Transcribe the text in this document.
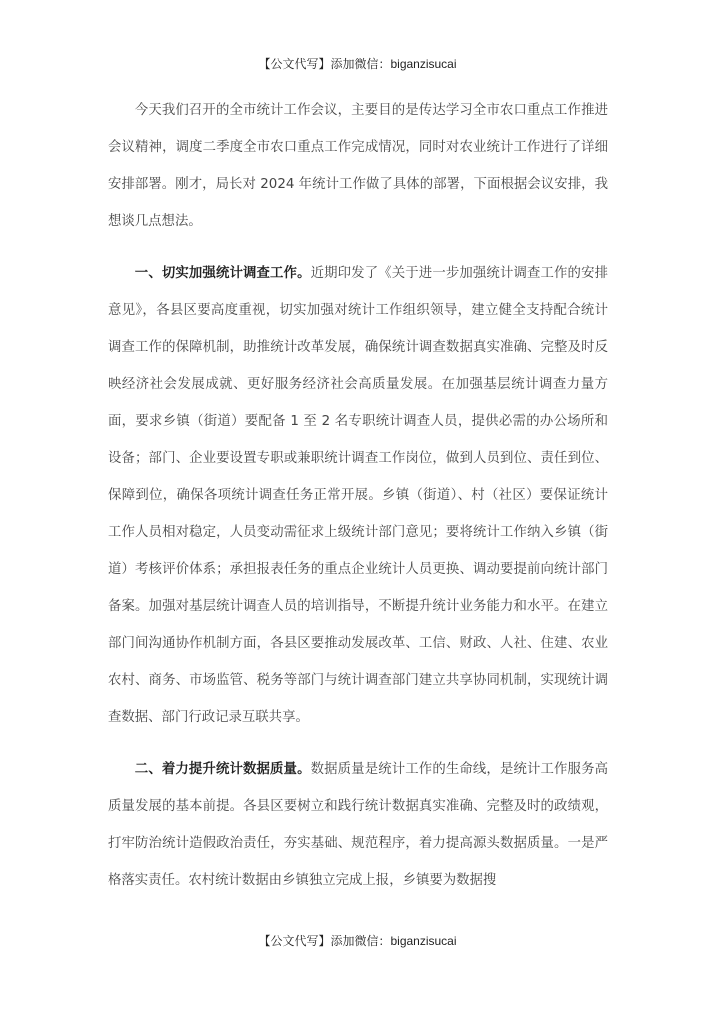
【公文代写】添加微信：biganzisucai

今天我们召开的全市统计工作会议，主要目的是传达学习全市农口重点工作推进会议精神，调度二季度全市农口重点工作完成情况，同时对农业统计工作进行了详细安排部署。刚才，局长对 2024 年统计工作做了具体的部署，下面根据会议安排，我想谈几点想法。

一、切实加强统计调查工作。近期印发了《关于进一步加强统计调查工作的安排意见》，各县区要高度重视，切实加强对统计工作组织领导，建立健全支持配合统计调查工作的保障机制，助推统计改革发展，确保统计调查数据真实准确、完整及时反映经济社会发展成就、更好服务经济社会高质量发展。在加强基层统计调查力量方面，要求乡镇（街道）要配备 1 至 2 名专职统计调查人员，提供必需的办公场所和设备；部门、企业要设置专职或兼职统计调查工作岗位，做到人员到位、责任到位、保障到位，确保各项统计调查任务正常开展。乡镇（街道）、村（社区）要保证统计工作人员相对稳定，人员变动需征求上级统计部门意见；要将统计工作纳入乡镇（街道）考核评价体系；承担报表任务的重点企业统计人员更换、调动要提前向统计部门备案。加强对基层统计调查人员的培训指导，不断提升统计业务能力和水平。在建立部门间沟通协作机制方面，各县区要推动发展改革、工信、财政、人社、住建、农业农村、商务、市场监管、税务等部门与统计调查部门建立共享协同机制，实现统计调查数据、部门行政记录互联共享。

二、着力提升统计数据质量。数据质量是统计工作的生命线，是统计工作服务高质量发展的基本前提。各县区要树立和践行统计数据真实准确、完整及时的政绩观，打牢防治统计造假政治责任，夯实基础、规范程序，着力提高源头数据质量。一是严格落实责任。农村统计数据由乡镇独立完成上报，乡镇要为数据搜

【公文代写】添加微信：biganzisucai
